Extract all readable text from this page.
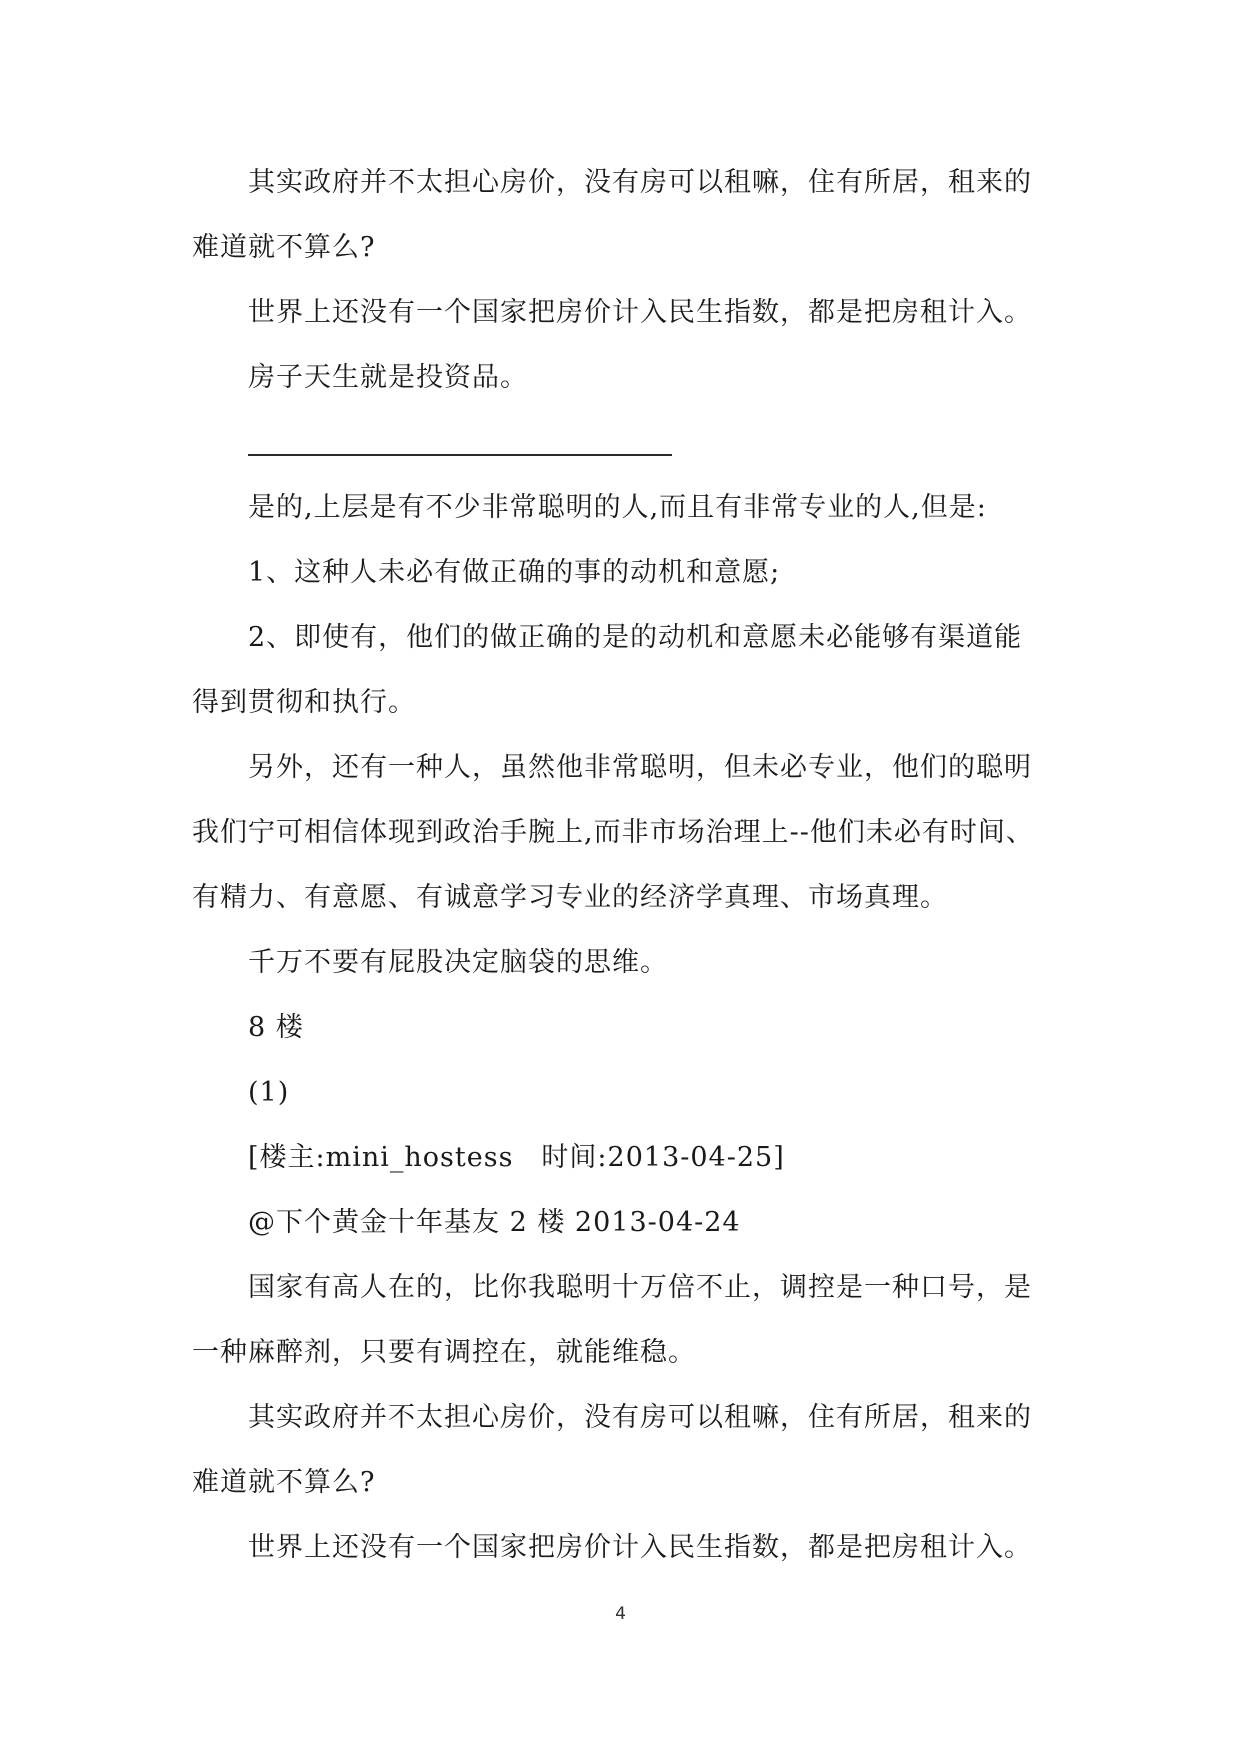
其实政府并不太担心房价，没有房可以租嘛，住有所居，租来的
难道就不算么?
世界上还没有一个国家把房价计入民生指数，都是把房租计入。
房子天生就是投资品。
是的,上层是有不少非常聪明的人,而且有非常专业的人,但是:
1、这种人未必有做正确的事的动机和意愿;
2、即使有，他们的做正确的是的动机和意愿未必能够有渠道能
得到贯彻和执行。
另外，还有一种人，虽然他非常聪明，但未必专业，他们的聪明
我们宁可相信体现到政治手腕上,而非市场治理上--他们未必有时间、
有精力、有意愿、有诚意学习专业的经济学真理、市场真理。
千万不要有屁股决定脑袋的思维。
8 楼
(1)
[楼主:mini_hostess　时间:2013-04-25]
@下个黄金十年基友 2 楼 2013-04-24
国家有高人在的，比你我聪明十万倍不止，调控是一种口号，是
一种麻醉剂，只要有调控在，就能维稳。
其实政府并不太担心房价，没有房可以租嘛，住有所居，租来的
难道就不算么?
世界上还没有一个国家把房价计入民生指数，都是把房租计入。
4
